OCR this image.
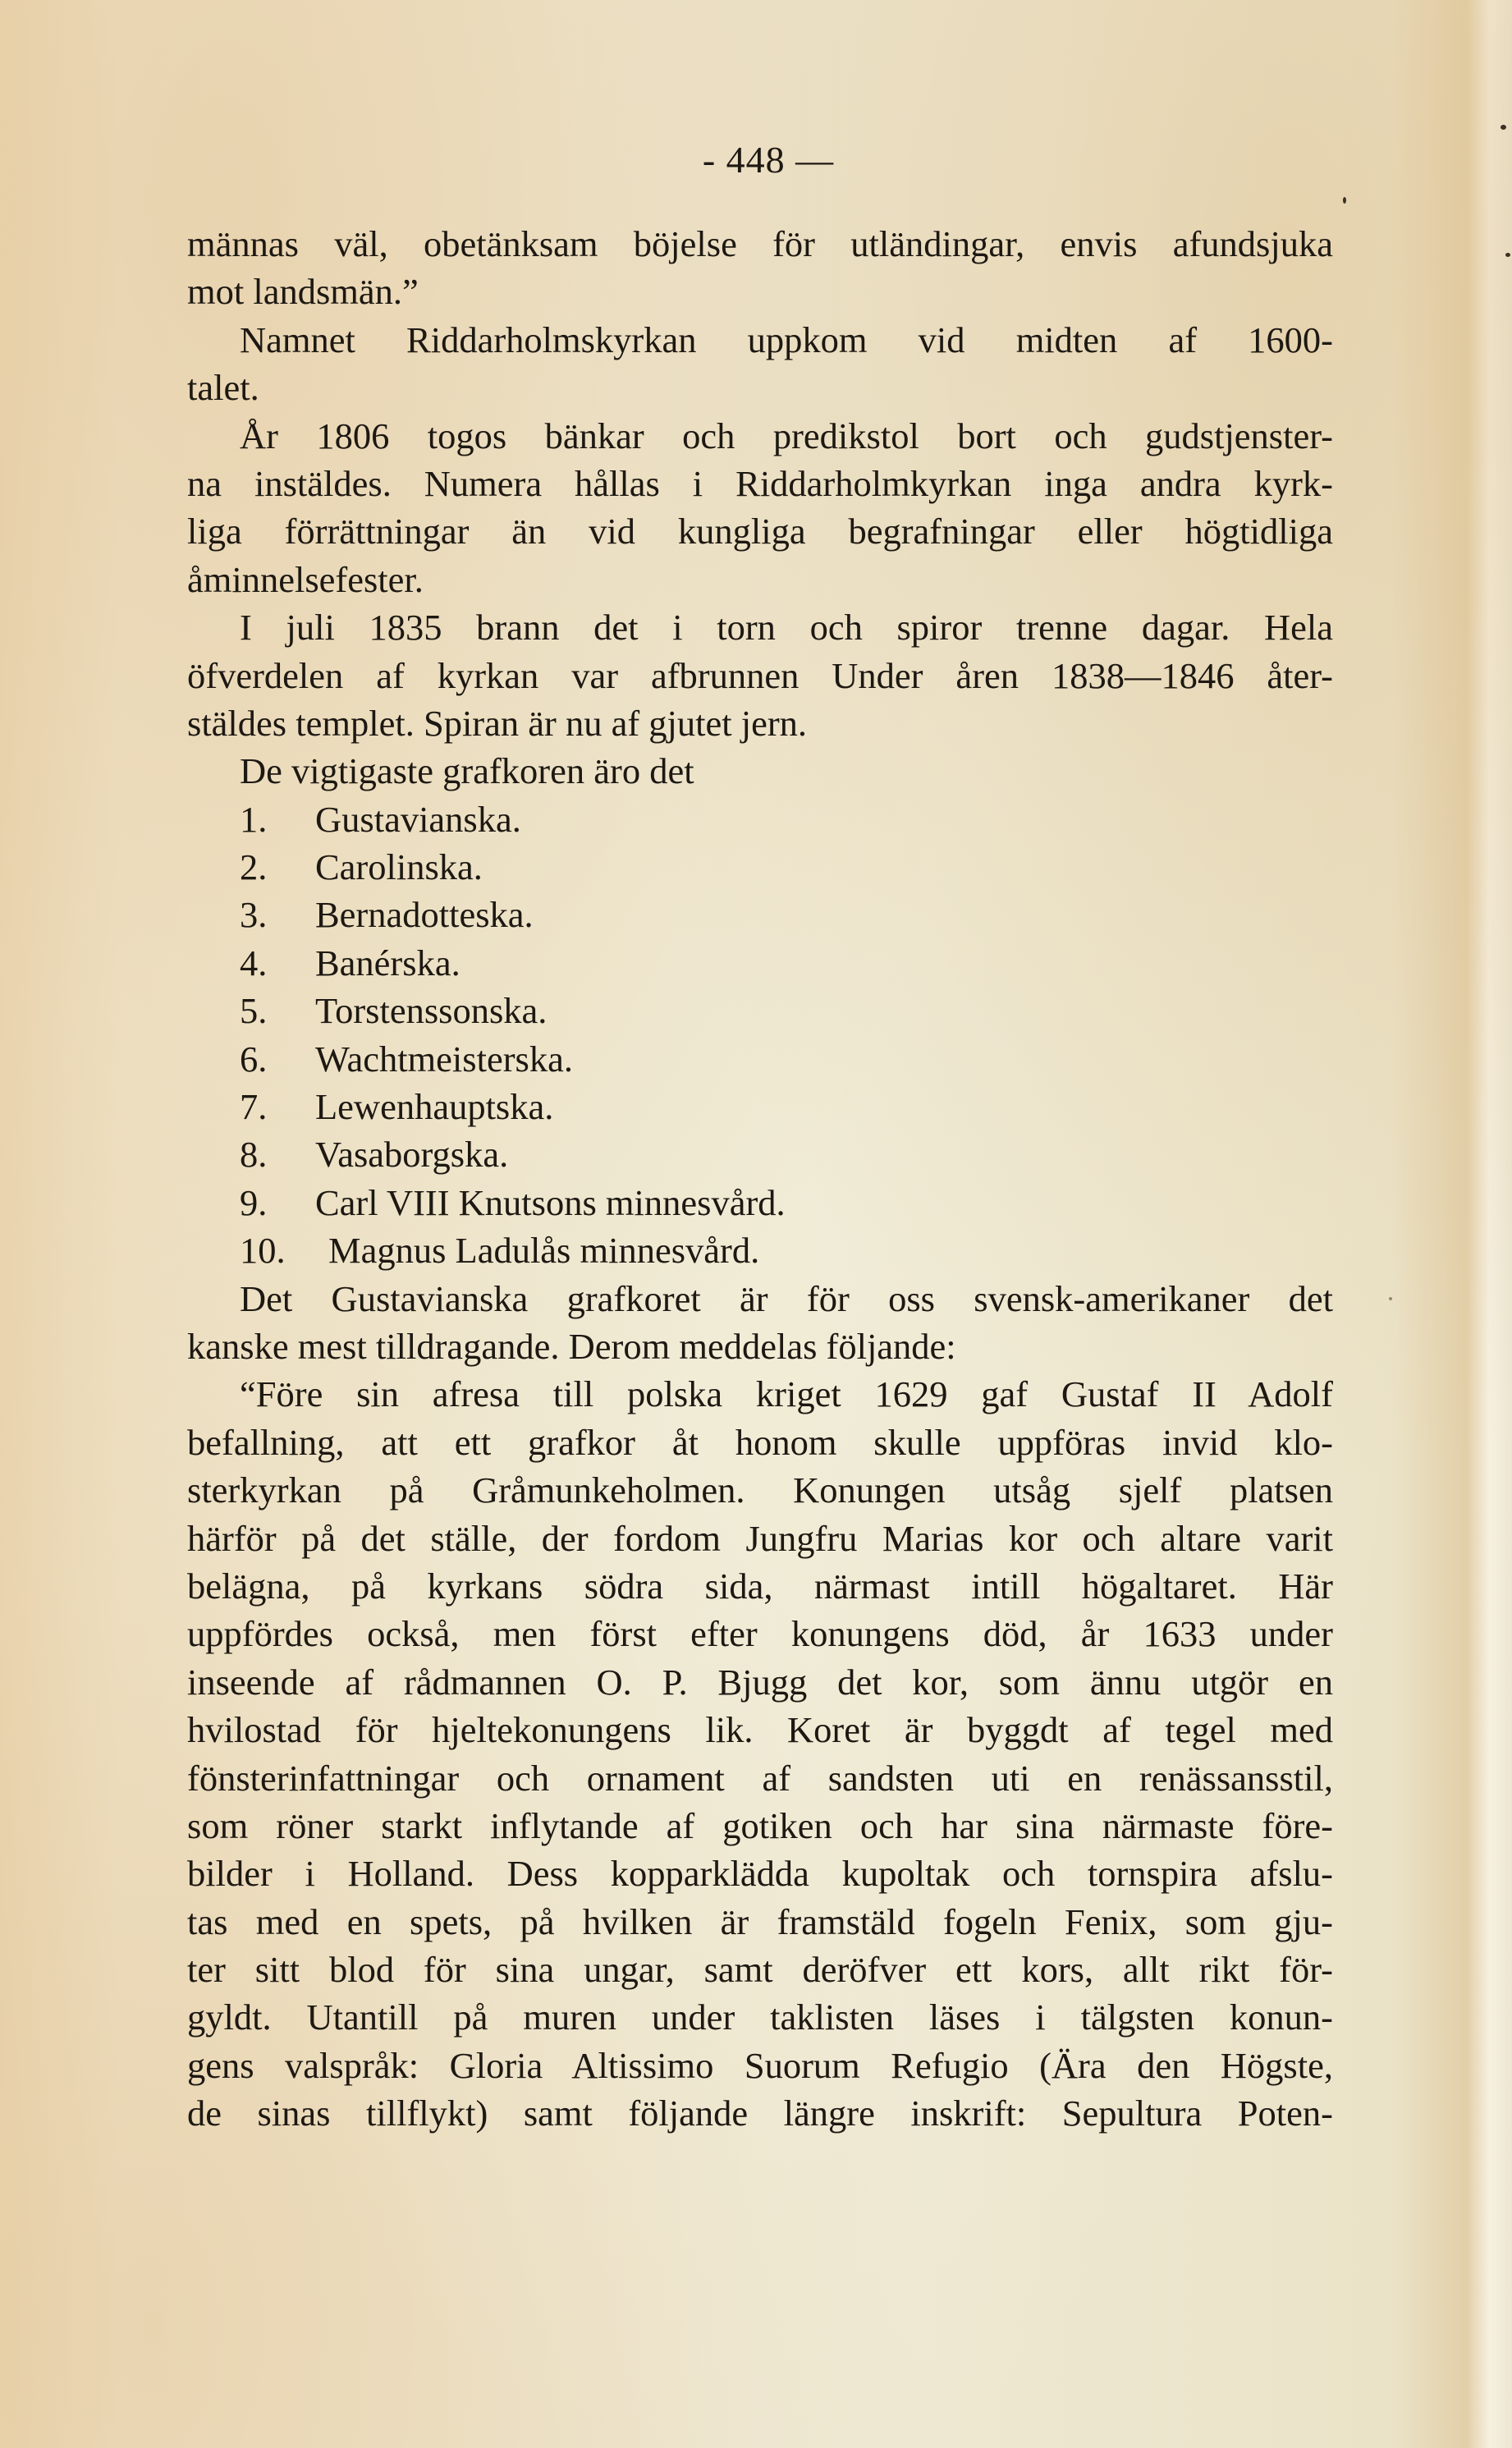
- 448 —
männas väl, obetänksam böjelse för utländingar, envis afundsjuka
mot landsmän.”
Namnet Riddarholmskyrkan uppkom vid midten af 1600-
talet.
År 1806 togos bänkar och predikstol bort och gudstjenster-
na instäldes. Numera hållas i Riddarholmkyrkan inga andra kyrk-
liga förrättningar än vid kungliga begrafningar eller högtidliga
åminnelsefester.
I juli 1835 brann det i torn och spiror trenne dagar. Hela
öfverdelen af kyrkan var afbrunnen Under åren 1838—1846 åter-
stäldes templet. Spiran är nu af gjutet jern.
De vigtigaste grafkoren äro det
1. Gustavianska.
2. Carolinska.
3. Bernadotteska.
4. Banérska.
5. Torstenssonska.
6. Wachtmeisterska.
7. Lewenhauptska.
8. Vasaborgska.
9. Carl VIII Knutsons minnesvård.
10. Magnus Ladulås minnesvård.
Det Gustavianska grafkoret är för oss svensk-amerikaner det
kanske mest tilldragande. Derom meddelas följande:
“Före sin afresa till polska kriget 1629 gaf Gustaf II Adolf
befallning, att ett grafkor åt honom skulle uppföras invid klo-
sterkyrkan på Gråmunkeholmen. Konungen utsåg sjelf platsen
härför på det ställe, der fordom Jungfru Marias kor och altare varit
belägna, på kyrkans södra sida, närmast intill högaltaret. Här
uppfördes också, men först efter konungens död, år 1633 under
inseende af rådmannen O. P. Bjugg det kor, som ännu utgör en
hvilostad för hjeltekonungens lik. Koret är byggdt af tegel med
fönsterinfattningar och ornament af sandsten uti en renässansstil,
som röner starkt inflytande af gotiken och har sina närmaste före-
bilder i Holland. Dess kopparklädda kupoltak och tornspira afslu-
tas med en spets, på hvilken är framstäld fogeln Fenix, som gju-
ter sitt blod för sina ungar, samt deröfver ett kors, allt rikt för-
gyldt. Utantill på muren under taklisten läses i tälgsten konun-
gens valspråk: Gloria Altissimo Suorum Refugio (Ära den Högste,
de sinas tillflykt) samt följande längre inskrift: Sepultura Poten-
